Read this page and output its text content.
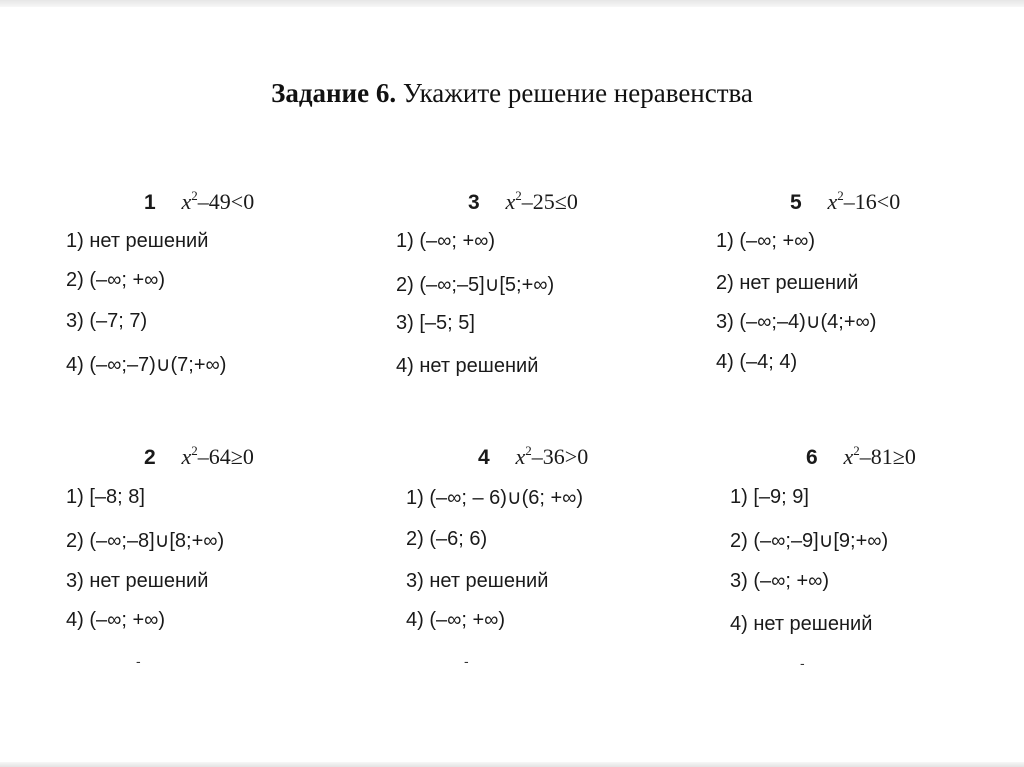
Задание 6. Укажите решение неравенства
1 $x^2-49<0$
1) нет решений
2) (–∞; +∞)
3) (–7; 7)
4) (–∞;–7)∪(7;+∞)
3 $x^2-25\le 0$
1) (–∞; +∞)
2) (–∞;–5]∪[5;+∞)
3) [–5; 5]
4) нет решений
5 $x^2-16<0$
1) (–∞; +∞)
2) нет решений
3) (–∞;–4)∪(4;+∞)
4) (–4; 4)
2 $x^2-64\ge 0$
1) [–8; 8]
2) (–∞;–8]∪[8;+∞)
3) нет решений
4) (–∞; +∞)
-
4 $x^2-36>0$
1) (–∞; – 6)∪(6; +∞)
2) (–6; 6)
3) нет решений
4) (–∞; +∞)
-
6 $x^2-81\ge 0$
1) [–9; 9]
2) (–∞;–9]∪[9;+∞)
3) (–∞; +∞)
4) нет решений
-
